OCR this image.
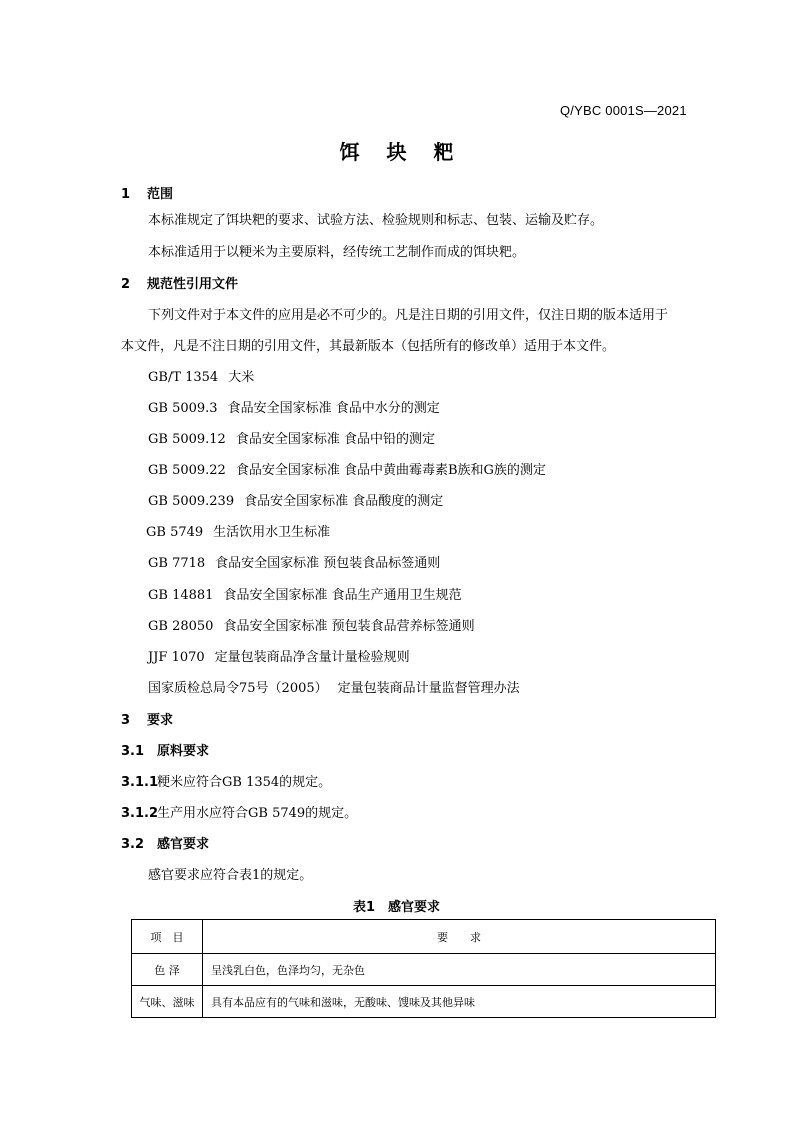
Q/YBC 0001S—2021
饵 块 粑
1 范围
本标准规定了饵块粑的要求、试验方法、检验规则和标志、包装、运输及贮存。
本标准适用于以粳米为主要原料，经传统工艺制作而成的饵块粑。
2 规范性引用文件
下列文件对于本文件的应用是必不可少的。凡是注日期的引用文件，仅注日期的版本适用于
本文件，凡是不注日期的引用文件，其最新版本（包括所有的修改单）适用于本文件。
GB/T 1354 大米
GB 5009.3 食品安全国家标准 食品中水分的测定
GB 5009.12 食品安全国家标准 食品中铅的测定
GB 5009.22 食品安全国家标准 食品中黄曲霉毒素B族和G族的测定
GB 5009.239 食品安全国家标准 食品酸度的测定
GB 5749 生活饮用水卫生标准
GB 7718 食品安全国家标准 预包装食品标签通则
GB 14881 食品安全国家标准 食品生产通用卫生规范
GB 28050 食品安全国家标准 预包装食品营养标签通则
JJF 1070 定量包装商品净含量计量检验规则
国家质检总局令75号（2005） 定量包装商品计量监督管理办法
3 要求
3.1 原料要求
3.1.1粳米应符合GB 1354的规定。
3.1.2生产用水应符合GB 5749的规定。
3.2 感官要求
感官要求应符合表1的规定。
表1　感官要求
项　目	要　　求
色 泽	呈浅乳白色，色泽均匀，无杂色
气味、滋味	具有本品应有的气味和滋味，无酸味、馊味及其他异味
